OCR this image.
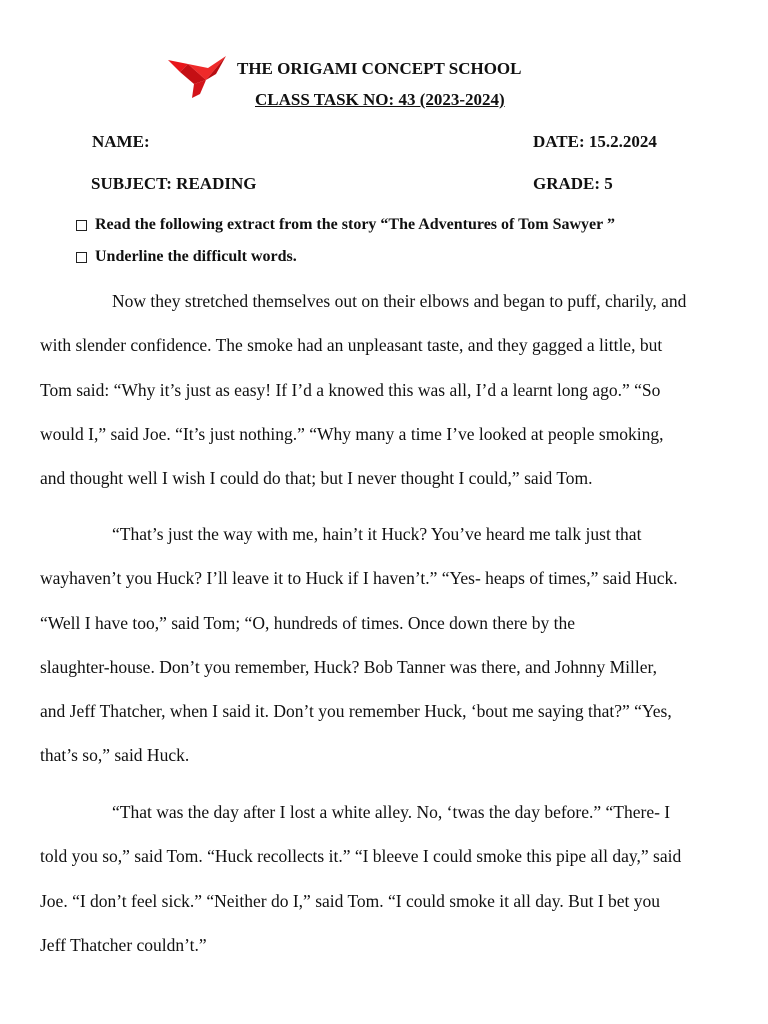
THE ORIGAMI CONCEPT SCHOOL
CLASS TASK NO: 43 (2023-2024)
NAME:	DATE: 15.2.2024
SUBJECT: READING	GRADE: 5
Read the following extract from the story “The Adventures of Tom Sawyer ”
Underline the difficult words.

Now they stretched themselves out on their elbows and began to puff, charily, and
with slender confidence. The smoke had an unpleasant taste, and they gagged a little, but
Tom said: “Why it’s just as easy! If I’d a knowed this was all, I’d a learnt long ago.” “So
would I,” said Joe. “It’s just nothing.” “Why many a time I’ve looked at people smoking,
and thought well I wish I could do that; but I never thought I could,” said Tom.

“That’s just the way with me, hain’t it Huck? You’ve heard me talk just that
wayhaven’t you Huck? I’ll leave it to Huck if I haven’t.” “Yes- heaps of times,” said Huck.
“Well I have too,” said Tom; “O, hundreds of times. Once down there by the
slaughter-house. Don’t you remember, Huck? Bob Tanner was there, and Johnny Miller,
and Jeff Thatcher, when I said it. Don’t you remember Huck, ‘bout me saying that?” “Yes,
that’s so,” said Huck.

“That was the day after I lost a white alley. No, ‘twas the day before.” “There- I
told you so,” said Tom. “Huck recollects it.” “I bleeve I could smoke this pipe all day,” said
Joe. “I don’t feel sick.” “Neither do I,” said Tom. “I could smoke it all day. But I bet you
Jeff Thatcher couldn’t.”
